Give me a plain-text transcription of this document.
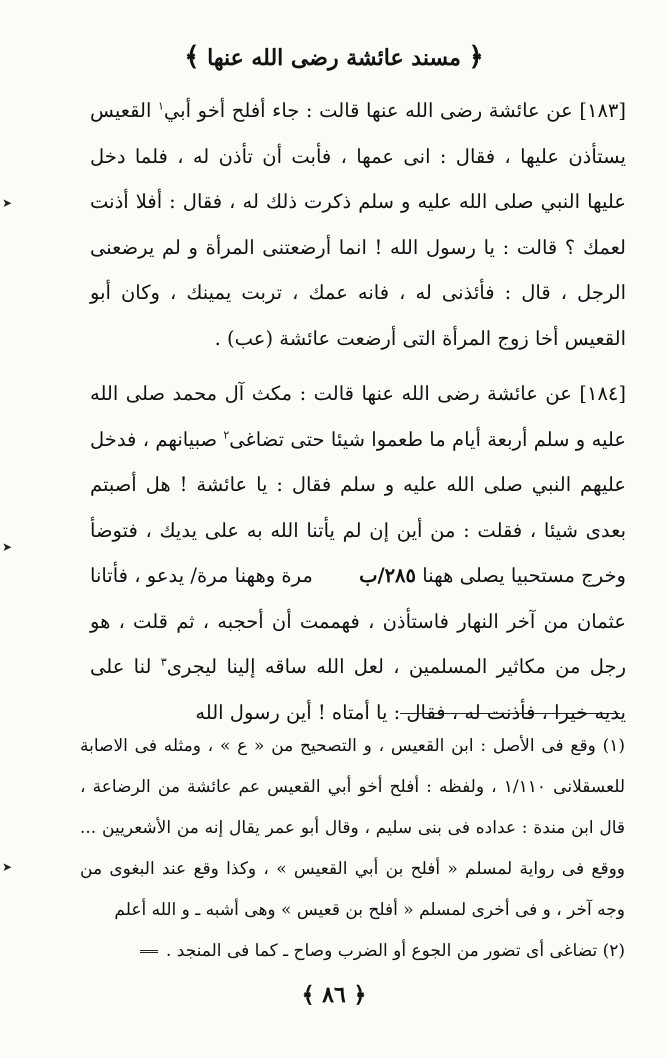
﴾ مسند عائشة رضى الله عنها ﴿

[١٨٣] عن عائشة رضى الله عنها قالت : جاء أفلح أخو أبي$^١$ القعيس يستأذن عليها ، فقال : انى عمها ، فأبت أن تأذن له ، فلما دخل عليها النبي صلى الله عليه و سلم ذكرت ذلك له ، فقال : أفلا أذنت لعمك ؟ قالت : يا رسول الله ! انما أرضعتنى المرأة و لم يرضعنى الرجل ، قال : فأئذنى له ، فانه عمك ، تربت يمينك ، وكان أبو القعيس أخا زوج المرأة التى أرضعت عائشة (عب) .

[١٨٤] عن عائشة رضى الله عنها قالت : مكث آل محمد صلى الله عليه و سلم أربعة أيام ما طعموا شيئا حتى تضاغى$^٢$ صبيانهم ، فدخل عليهم النبي صلى الله عليه و سلم فقال : يا عائشة ! هل أصبتم بعدى شيئا ، فقلت : من أين إن لم يأتنا الله به على يديك ، فتوضأ وخرج مستحبيا يصلى ههنا ٢٨٥/ب مرة وههنا مرة/ يدعو ، فأتانا عثمان من آخر النهار فاستأذن ، فهممت أن أحجبه ، ثم قلت ، هو رجل من مكاثير المسلمين ، لعل الله ساقه إلينا ليجرى$^٣$ لنا على يديه خيرا ، فأذنت له ، فقال : يا أمتاه ! أين رسول الله

(١) وقع فى الأصل : ابن القعيس ، و التصحيح من « ع » ، ومثله فى الاصابة للعسقلانى ١/١١٠ ، ولفظه : أفلح أخو أبي القعيس عم عائشة من الرضاعة ، قال ابن مندة : عداده فى بنى سليم ، وقال أبو عمر يقال إنه من الأشعريين ... ووقع فى رواية لمسلم « أفلح بن أبي القعيس » ، وكذا وقع عند البغوى من وجه آخر ، و فى أخرى لمسلم « أفلح بن قعيس » وهى أشبه ـ و الله أعلم

(٢) تضاغى أى تضور من الجوع أو الضرب وصاح ـ كما فى المنجد .

﴾ ٨٦ ﴿
➤
➤
➤
